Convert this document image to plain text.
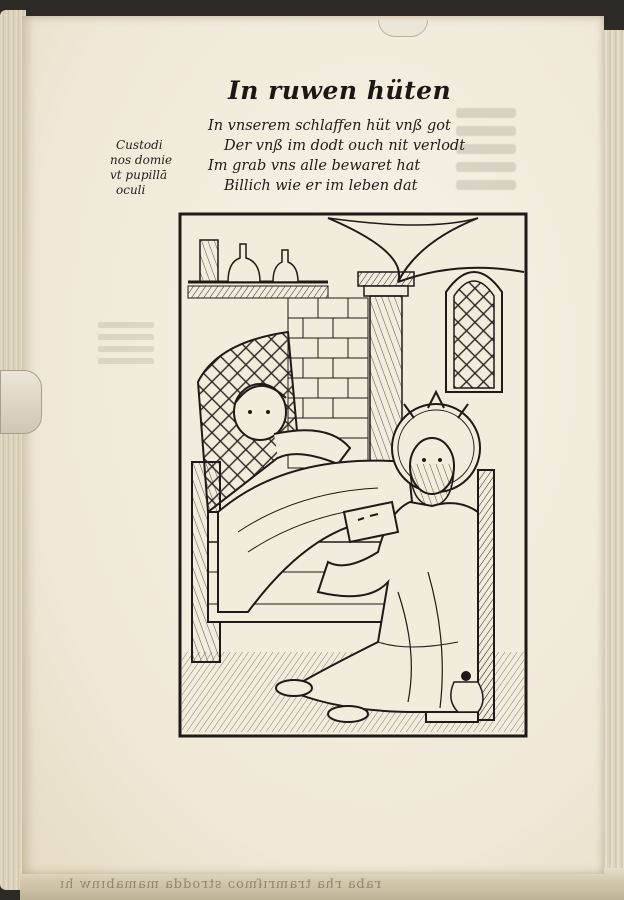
ıɥ ʍuıqɐɯɐɯ ɐppoɹʇs coɯɟıɹɯɐɹʇ ɐɥɹ ɐqɐɹ
In ruwen hüten
In vnserem schlaffen hüt vnß got
Der vnß im dodt ouch nit verlodt
Im grab vns alle bewaret hat
Billich wie er im leben dat
Custodi
nos domie
vt pupillā
oculi
